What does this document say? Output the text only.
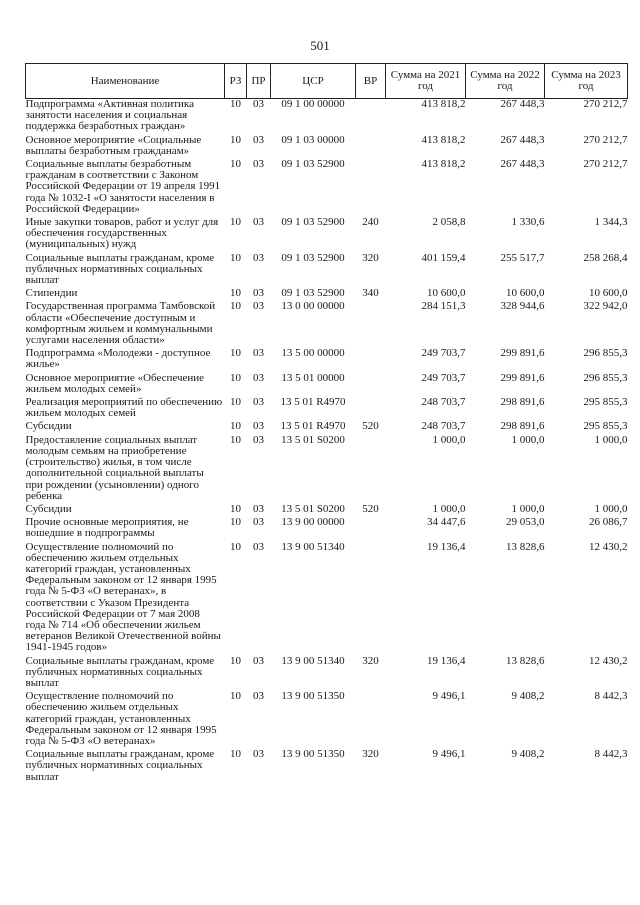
501
Наименование	РЗ	ПР	ЦСР	ВР	Сумма на 2021 год	Сумма на 2022 год	Сумма на 2023 год
Подпрограмма «Активная политика занятости населения и социальная поддержка безработных граждан»	10	03	09 1 00 00000		413 818,2	267 448,3	270 212,7
Основное мероприятие «Социальные выплаты безработным гражданам»	10	03	09 1 03 00000		413 818,2	267 448,3	270 212,7
Социальные выплаты безработным гражданам в соответствии с Законом Российской Федерации от 19 апреля 1991 года № 1032-I «О занятости населения в Российской Федерации»	10	03	09 1 03 52900		413 818,2	267 448,3	270 212,7
Иные закупки товаров, работ и услуг для обеспечения государственных (муниципальных) нужд	10	03	09 1 03 52900	240	2 058,8	1 330,6	1 344,3
Социальные выплаты гражданам, кроме публичных нормативных социальных выплат	10	03	09 1 03 52900	320	401 159,4	255 517,7	258 268,4
Стипендии	10	03	09 1 03 52900	340	10 600,0	10 600,0	10 600,0
Государственная программа Тамбовской области «Обеспечение доступным и комфортным жильем и коммунальными услугами населения области»	10	03	13 0 00 00000		284 151,3	328 944,6	322 942,0
Подпрограмма «Молодежи - доступное жилье»	10	03	13 5 00 00000		249 703,7	299 891,6	296 855,3
Основное мероприятие «Обеспечение жильем молодых семей»	10	03	13 5 01 00000		249 703,7	299 891,6	296 855,3
Реализация мероприятий по обеспечению жильем молодых семей	10	03	13 5 01 R4970		248 703,7	298 891,6	295 855,3
Субсидии	10	03	13 5 01 R4970	520	248 703,7	298 891,6	295 855,3
Предоставление социальных выплат молодым семьям на приобретение (строительство) жилья, в том числе дополнительной социальной выплаты при рождении (усыновлении) одного ребенка	10	03	13 5 01 S0200		1 000,0	1 000,0	1 000,0
Субсидии	10	03	13 5 01 S0200	520	1 000,0	1 000,0	1 000,0
Прочие основные мероприятия, не вошедшие в подпрограммы	10	03	13 9 00 00000		34 447,6	29 053,0	26 086,7
Осуществление полномочий по обеспечению жильем отдельных категорий граждан, установленных Федеральным законом от 12 января 1995 года № 5-ФЗ «О ветеранах», в соответствии с Указом Президента Российской Федерации от 7 мая 2008 года № 714 «Об обеспечении жильем ветеранов Великой Отечественной войны 1941-1945 годов»	10	03	13 9 00 51340		19 136,4	13 828,6	12 430,2
Социальные выплаты гражданам, кроме публичных нормативных социальных выплат	10	03	13 9 00 51340	320	19 136,4	13 828,6	12 430,2
Осуществление полномочий по обеспечению жильем отдельных категорий граждан, установленных Федеральным законом от 12 января 1995 года № 5-ФЗ «О ветеранах»	10	03	13 9 00 51350		9 496,1	9 408,2	8 442,3
Социальные выплаты гражданам, кроме публичных нормативных социальных выплат	10	03	13 9 00 51350	320	9 496,1	9 408,2	8 442,3
